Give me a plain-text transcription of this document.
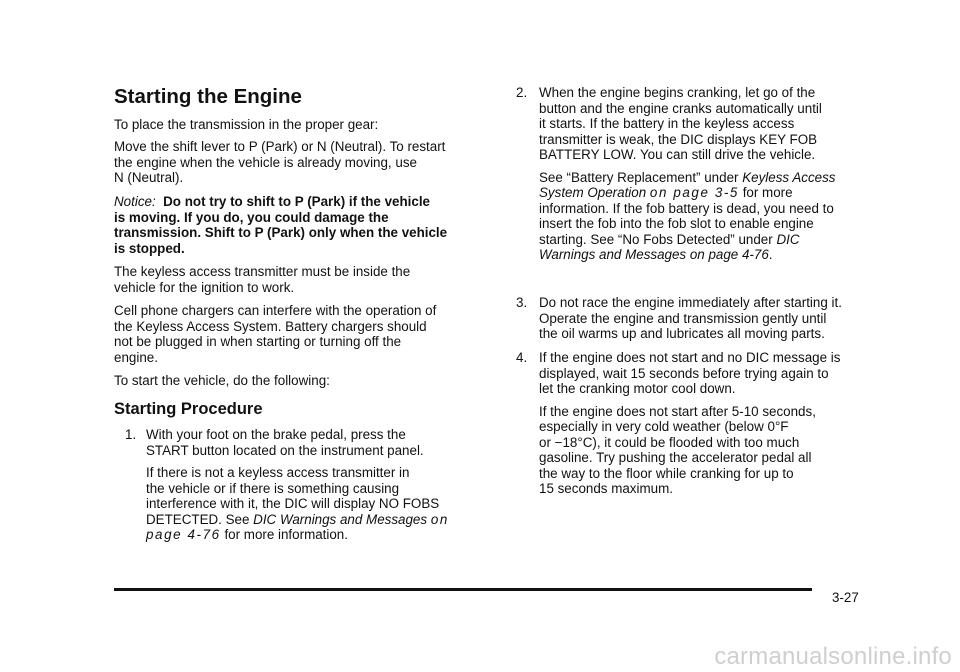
Starting the Engine

To place the transmission in the proper gear:

Move the shift lever to P (Park) or N (Neutral). To restart

the engine when the vehicle is already moving, use

N (Neutral).

Notice: Do not try to shift to P (Park) if the vehicle

is moving. If you do, you could damage the

transmission. Shift to P (Park) only when the vehicle

is stopped.

The keyless access transmitter must be inside the

vehicle for the ignition to work.

Cell phone chargers can interfere with the operation of

the Keyless Access System. Battery chargers should

not be plugged in when starting or turning off the

engine.

To start the vehicle, do the following:

Starting Procedure

1. With your foot on the brake pedal, press the

START button located on the instrument panel.

If there is not a keyless access transmitter in

the vehicle or if there is something causing

interference with it, the DIC will display NO FOBS

DETECTED. See DIC Warnings and Messages on

page 4-76 for more information.

2. When the engine begins cranking, let go of the

button and the engine cranks automatically until

it starts. If the battery in the keyless access

transmitter is weak, the DIC displays KEY FOB

BATTERY LOW. You can still drive the vehicle.

See “Battery Replacement” under Keyless Access

System Operation on page 3-5 for more

information. If the fob battery is dead, you need to

insert the fob into the fob slot to enable engine

starting. See “No Fobs Detected” under DIC

Warnings and Messages on page 4-76.

3. Do not race the engine immediately after starting it.

Operate the engine and transmission gently until

the oil warms up and lubricates all moving parts.

4. If the engine does not start and no DIC message is

displayed, wait 15 seconds before trying again to

let the cranking motor cool down.

If the engine does not start after 5-10 seconds,

especially in very cold weather (below 0°F

or −18°C), it could be flooded with too much

gasoline. Try pushing the accelerator pedal all

the way to the floor while cranking for up to

15 seconds maximum.

3-27
carmanualsonline.info
